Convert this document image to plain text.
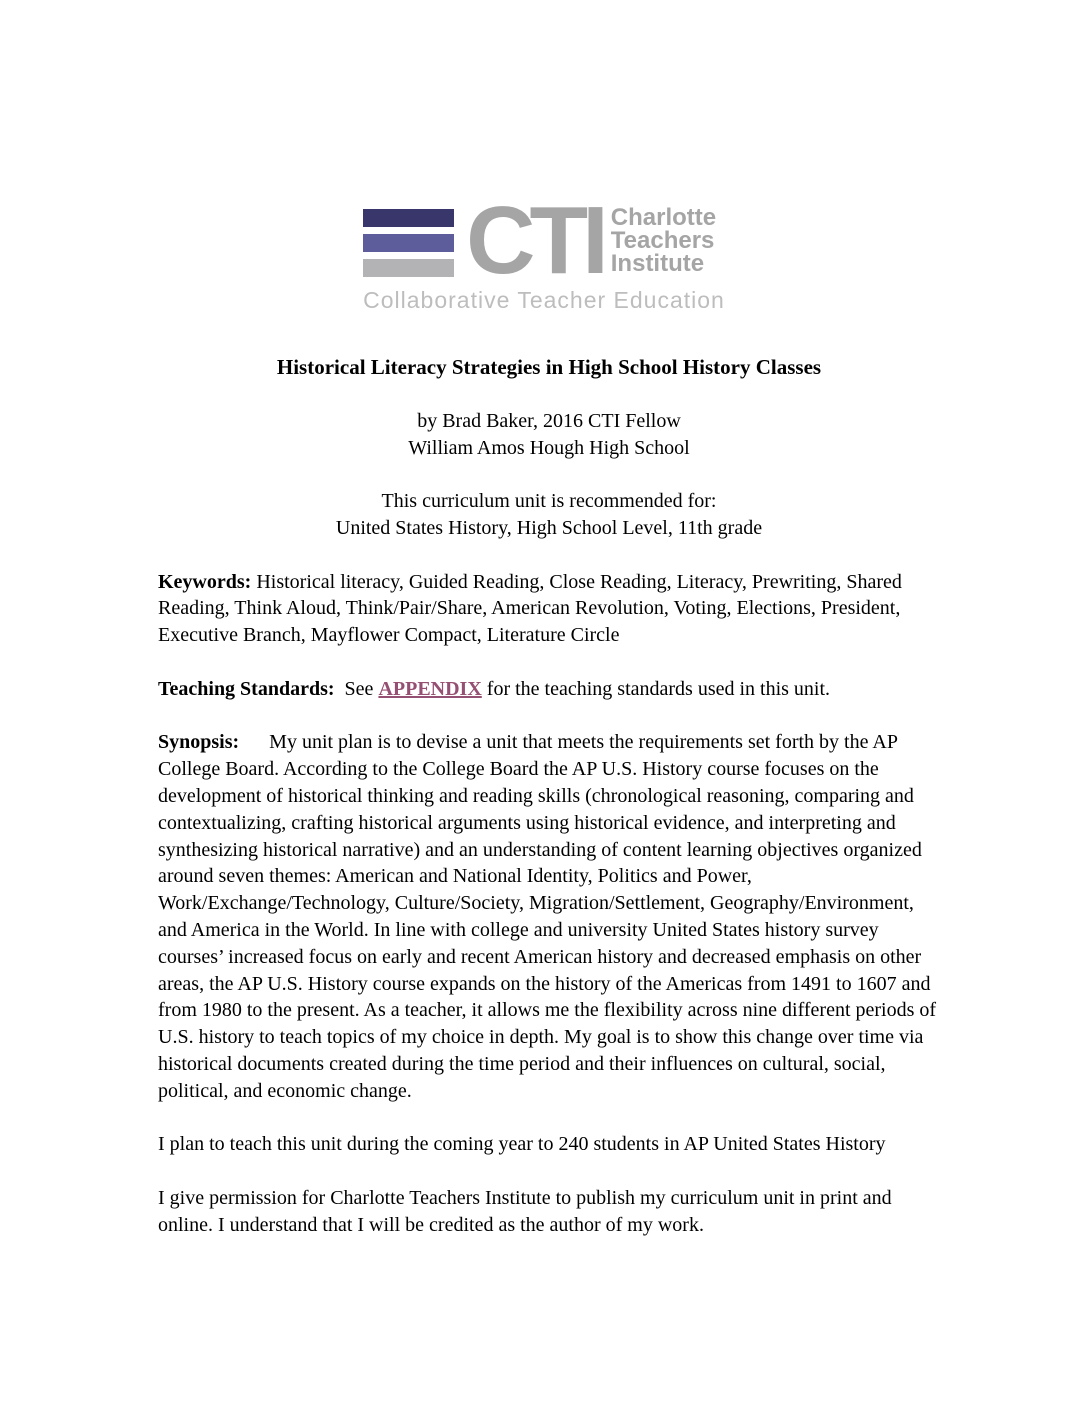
CTI Charlotte
Teachers
Institute
Collaborative Teacher Education
Historical Literacy Strategies in High School History Classes

by Brad Baker, 2016 CTI Fellow
William Amos Hough High School

This curriculum unit is recommended for:
United States History, High School Level, 11th grade

Keywords: Historical literacy, Guided Reading, Close Reading, Literacy, Prewriting, Shared Reading, Think Aloud, Think/Pair/Share, American Revolution, Voting, Elections, President, Executive Branch, Mayflower Compact, Literature Circle

Teaching Standards: See APPENDIX for the teaching standards used in this unit.

Synopsis: My unit plan is to devise a unit that meets the requirements set forth by the AP College Board. According to the College Board the AP U.S. History course focuses on the development of historical thinking and reading skills (chronological reasoning, comparing and contextualizing, crafting historical arguments using historical evidence, and interpreting and synthesizing historical narrative) and an understanding of content learning objectives organized around seven themes: American and National Identity, Politics and Power, Work/Exchange/Technology, Culture/Society, Migration/Settlement, Geography/Environment, and America in the World. In line with college and university United States history survey courses’ increased focus on early and recent American history and decreased emphasis on other areas, the AP U.S. History course expands on the history of the Americas from 1491 to 1607 and from 1980 to the present. As a teacher, it allows me the flexibility across nine different periods of U.S. history to teach topics of my choice in depth. My goal is to show this change over time via historical documents created during the time period and their influences on cultural, social, political, and economic change.

I plan to teach this unit during the coming year to 240 students in AP United States History

I give permission for Charlotte Teachers Institute to publish my curriculum unit in print and online. I understand that I will be credited as the author of my work.
